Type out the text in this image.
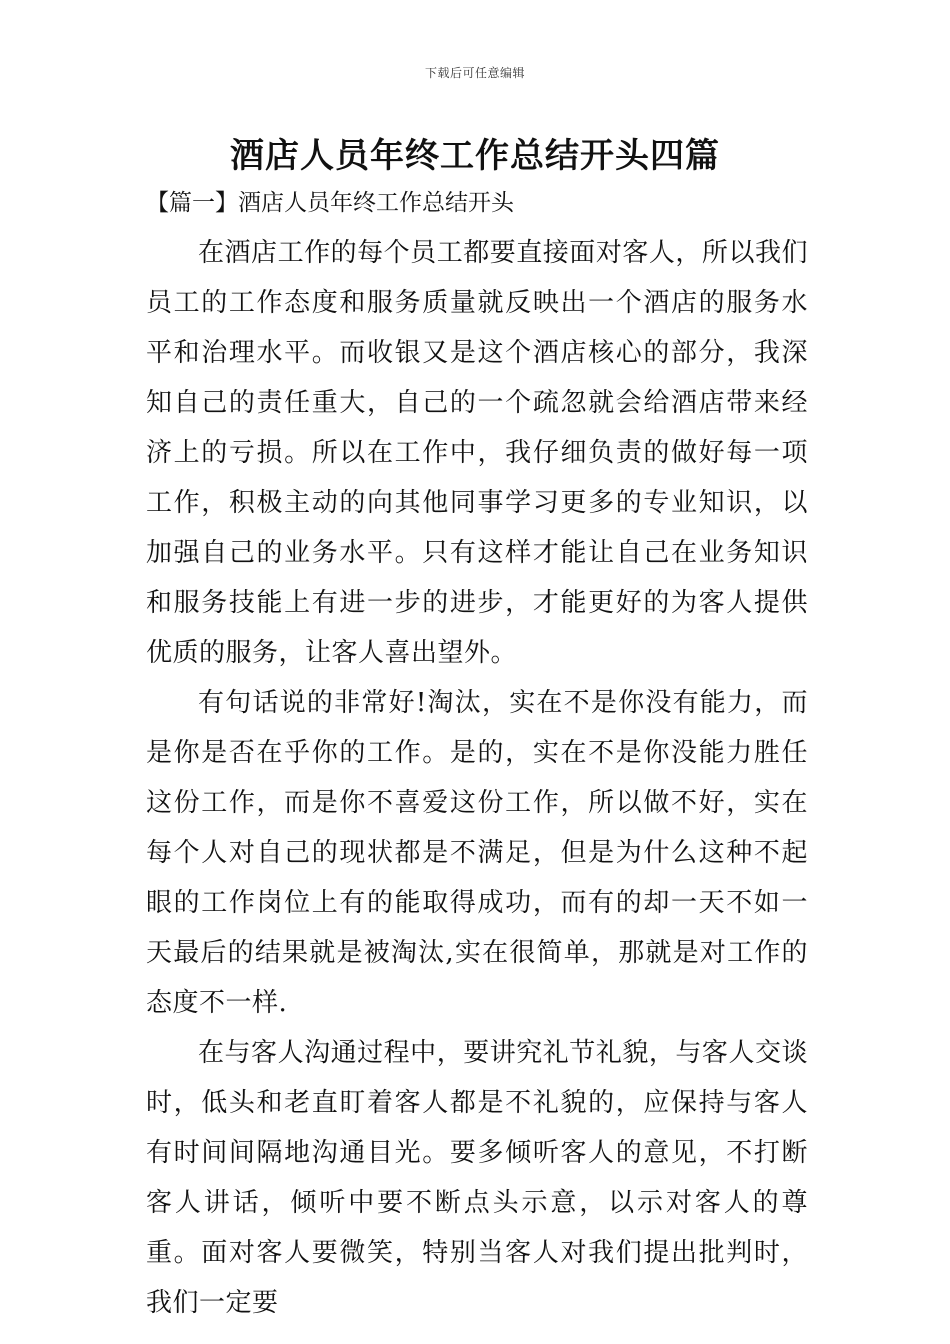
下载后可任意编辑
酒店人员年终工作总结开头四篇
【篇一】酒店人员年终工作总结开头

在酒店工作的每个员工都要直接面对客人，所以我们员工的工作态度和服务质量就反映出一个酒店的服务水平和治理水平。而收银又是这个酒店核心的部分，我深知自己的责任重大，自己的一个疏忽就会给酒店带来经济上的亏损。所以在工作中，我仔细负责的做好每一项工作，积极主动的向其他同事学习更多的专业知识，以加强自己的业务水平。只有这样才能让自己在业务知识和服务技能上有进一步的进步，才能更好的为客人提供优质的服务，让客人喜出望外。

有句话说的非常好!淘汰，实在不是你没有能力，而是你是否在乎你的工作。是的，实在不是你没能力胜任这份工作，而是你不喜爱这份工作，所以做不好，实在每个人对自己的现状都是不满足，但是为什么这种不起眼的工作岗位上有的能取得成功，而有的却一天不如一天最后的结果就是被淘汰,实在很简单，那就是对工作的态度不一样.

在与客人沟通过程中，要讲究礼节礼貌，与客人交谈时，低头和老直盯着客人都是不礼貌的，应保持与客人有时间间隔地沟通目光。要多倾听客人的意见，不打断客人讲话，倾听中要不断点头示意，以示对客人的尊重。面对客人要微笑，特别当客人对我们提出批判时，我们一定要
